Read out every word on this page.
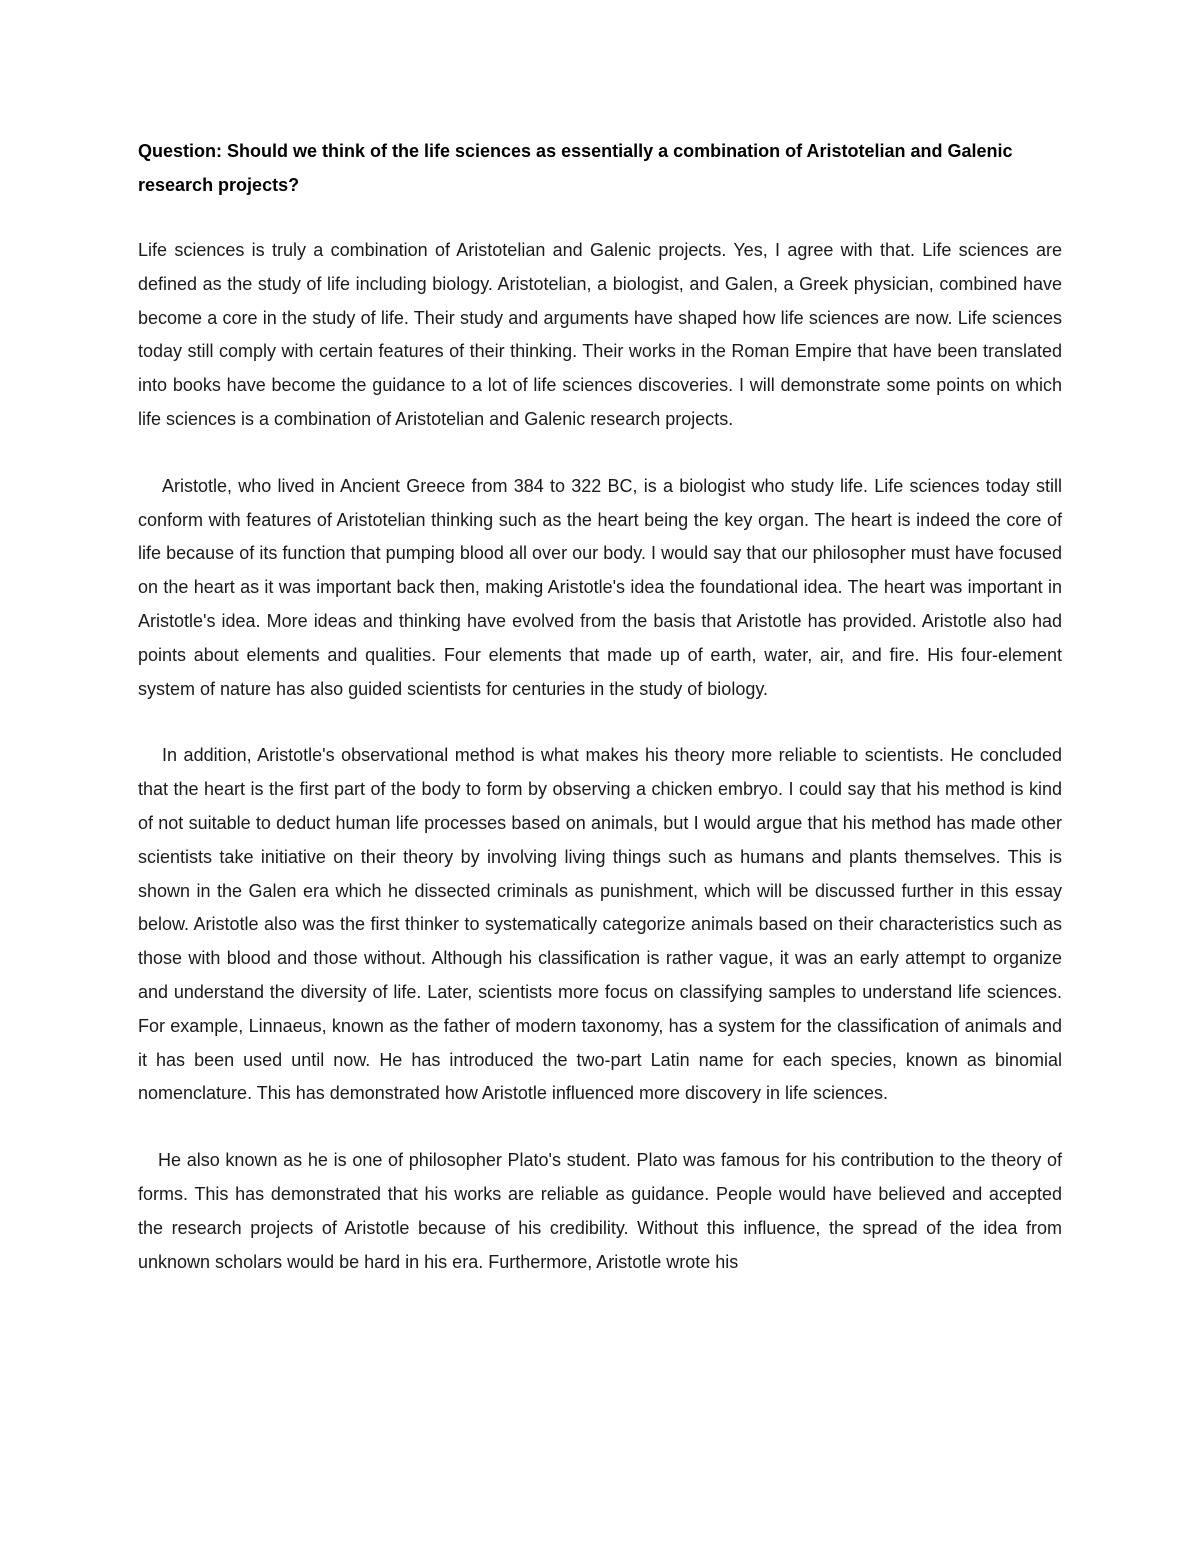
Question: Should we think of the life sciences as essentially a combination of Aristotelian and Galenic research projects?

Life sciences is truly a combination of Aristotelian and Galenic projects. Yes, I agree with that. Life sciences are defined as the study of life including biology. Aristotelian, a biologist, and Galen, a Greek physician, combined have become a core in the study of life. Their study and arguments have shaped how life sciences are now. Life sciences today still comply with certain features of their thinking. Their works in the Roman Empire that have been translated into books have become the guidance to a lot of life sciences discoveries. I will demonstrate some points on which life sciences is a combination of Aristotelian and Galenic research projects.

Aristotle, who lived in Ancient Greece from 384 to 322 BC, is a biologist who study life. Life sciences today still conform with features of Aristotelian thinking such as the heart being the key organ. The heart is indeed the core of life because of its function that pumping blood all over our body. I would say that our philosopher must have focused on the heart as it was important back then, making Aristotle's idea the foundational idea. The heart was important in Aristotle's idea. More ideas and thinking have evolved from the basis that Aristotle has provided. Aristotle also had points about elements and qualities. Four elements that made up of earth, water, air, and fire. His four-element system of nature has also guided scientists for centuries in the study of biology.

In addition, Aristotle's observational method is what makes his theory more reliable to scientists. He concluded that the heart is the first part of the body to form by observing a chicken embryo. I could say that his method is kind of not suitable to deduct human life processes based on animals, but I would argue that his method has made other scientists take initiative on their theory by involving living things such as humans and plants themselves. This is shown in the Galen era which he dissected criminals as punishment, which will be discussed further in this essay below. Aristotle also was the first thinker to systematically categorize animals based on their characteristics such as those with blood and those without. Although his classification is rather vague, it was an early attempt to organize and understand the diversity of life. Later, scientists more focus on classifying samples to understand life sciences. For example, Linnaeus, known as the father of modern taxonomy, has a system for the classification of animals and it has been used until now. He has introduced the two-part Latin name for each species, known as binomial nomenclature. This has demonstrated how Aristotle influenced more discovery in life sciences.

He also known as he is one of philosopher Plato's student. Plato was famous for his contribution to the theory of forms. This has demonstrated that his works are reliable as guidance. People would have believed and accepted the research projects of Aristotle because of his credibility. Without this influence, the spread of the idea from unknown scholars would be hard in his era. Furthermore, Aristotle wrote his
